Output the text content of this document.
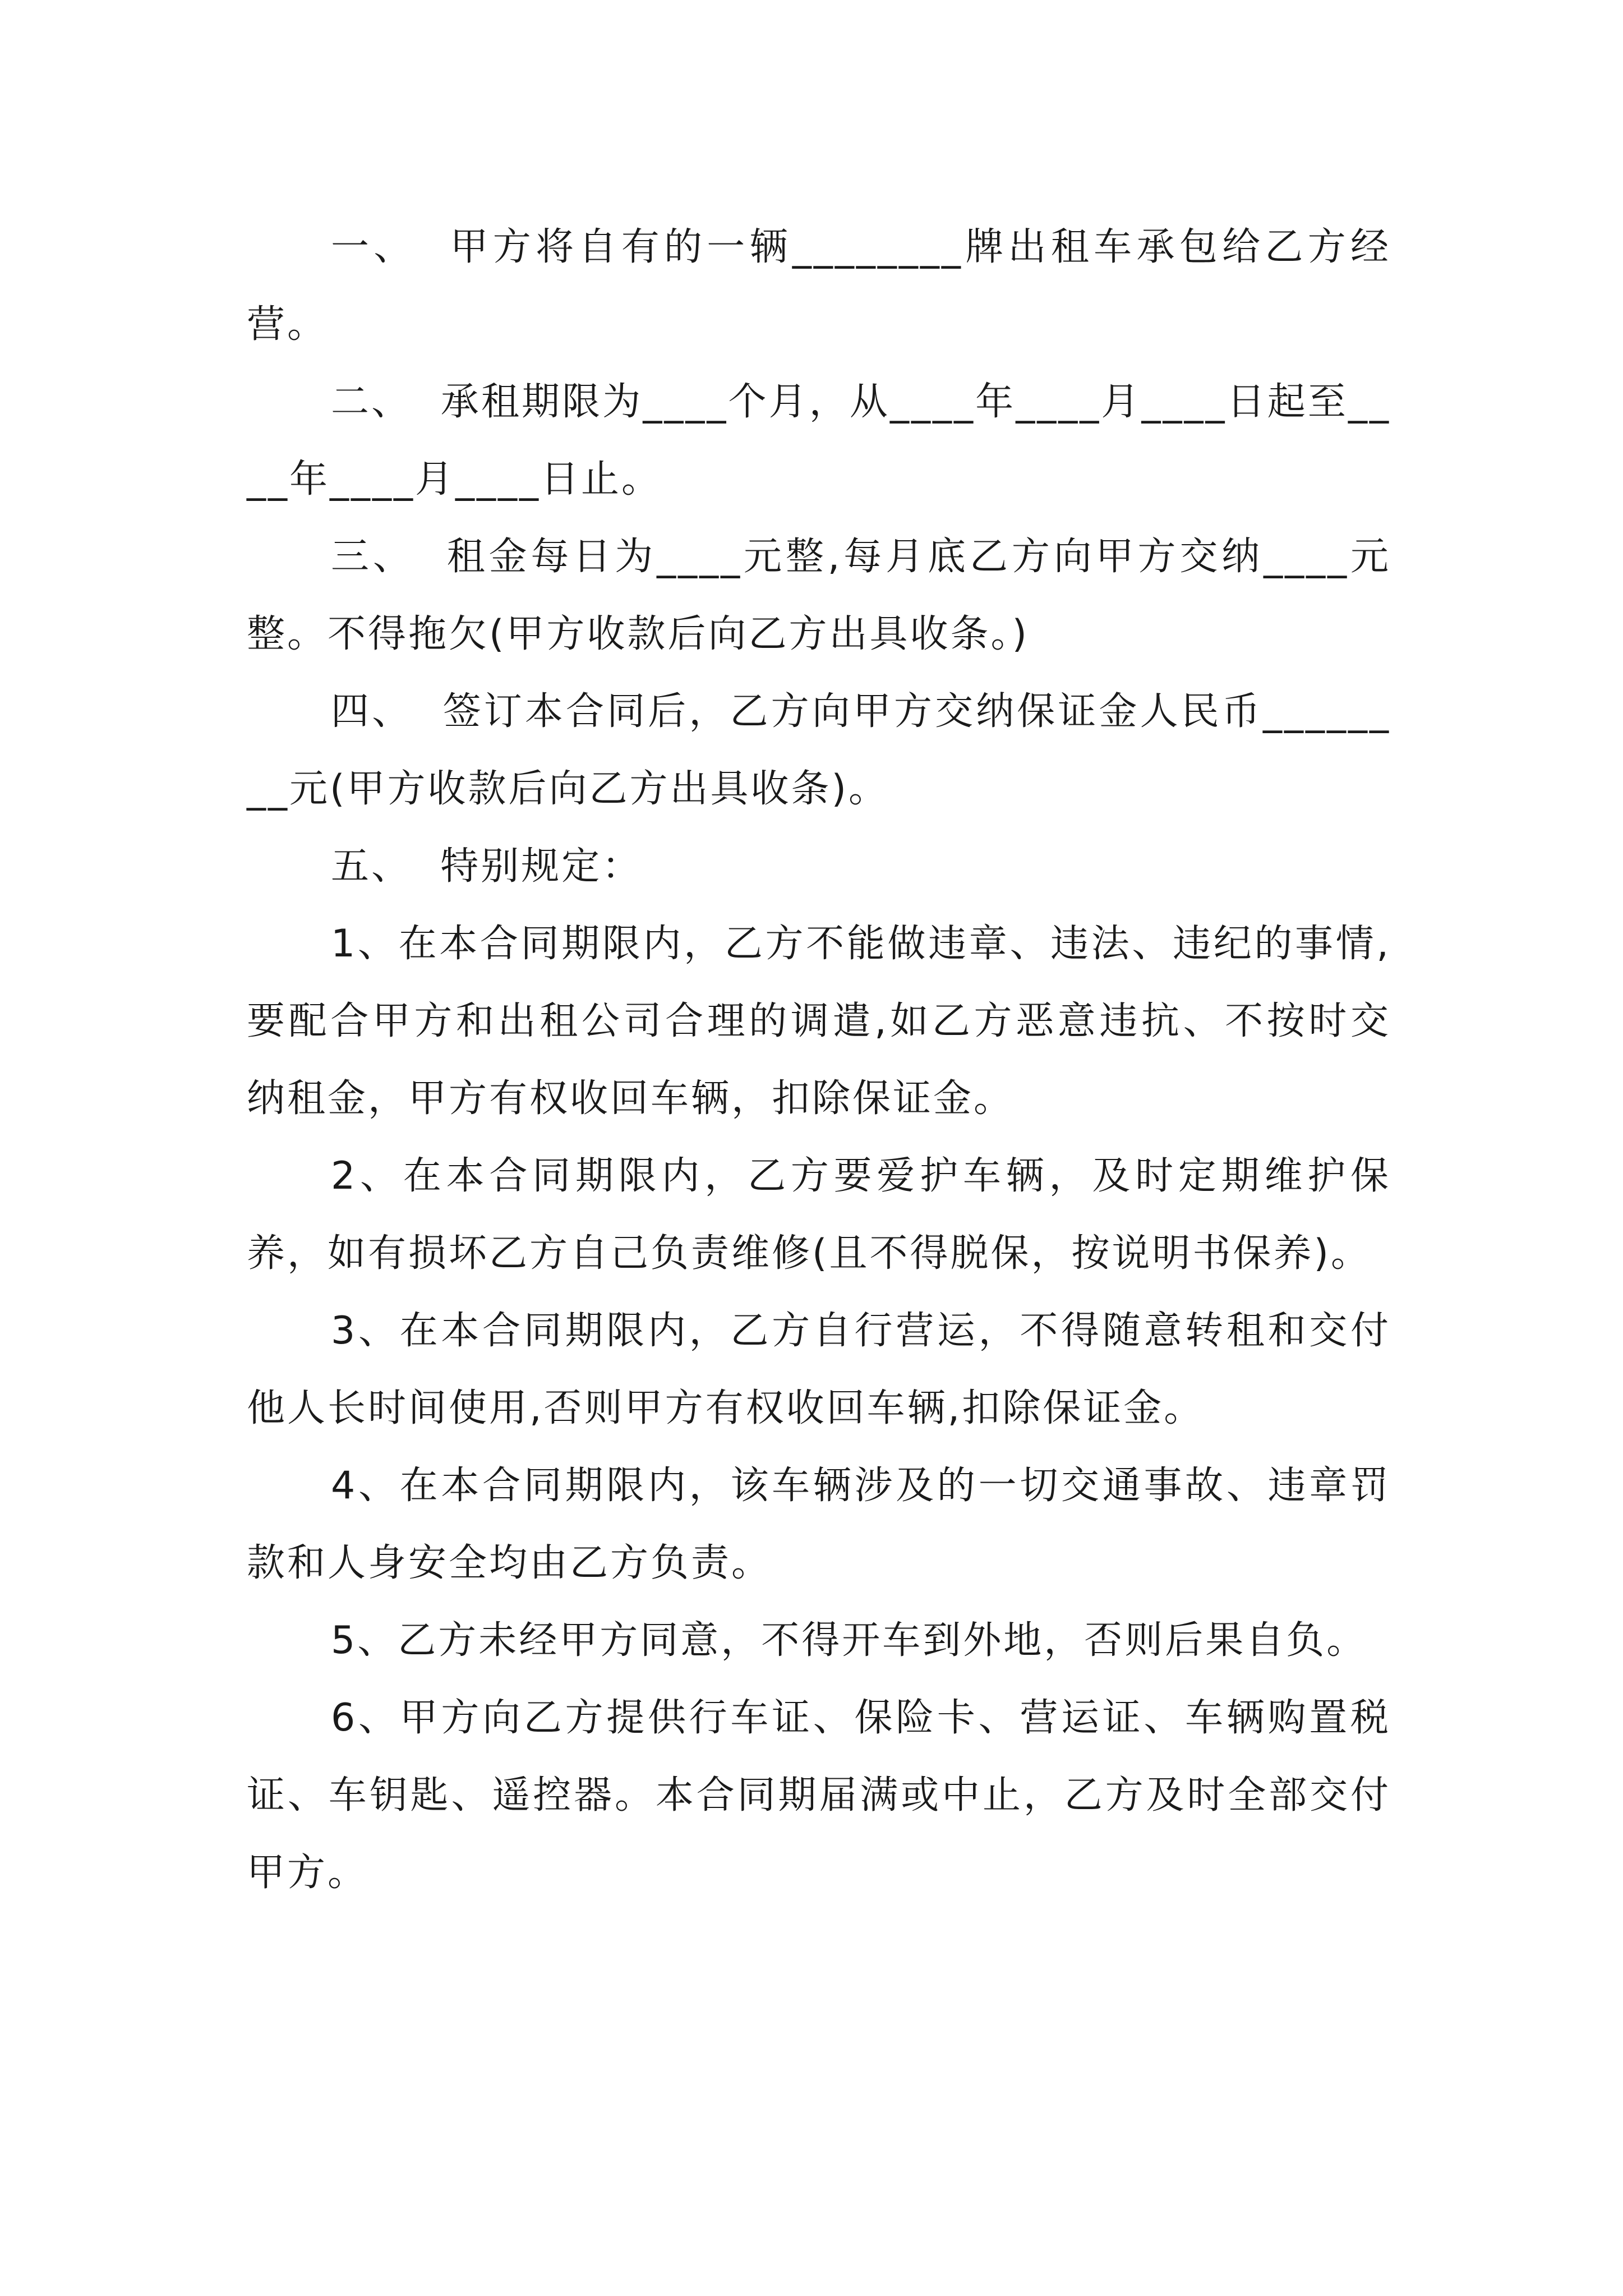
一、  甲方将自有的一辆________牌出租车承包给乙方经营。

二、  承租期限为____个月，从____年____月____日起至____年____月____日止。

三、  租金每日为____元整,每月底乙方向甲方交纳____元整。不得拖欠(甲方收款后向乙方出具收条。)

四、  签订本合同后，乙方向甲方交纳保证金人民币________元(甲方收款后向乙方出具收条)。

五、  特别规定：

1、在本合同期限内，乙方不能做违章、违法、违纪的事情,要配合甲方和出租公司合理的调遣,如乙方恶意违抗、不按时交纳租金，甲方有权收回车辆，扣除保证金。

2、在本合同期限内，乙方要爱护车辆，及时定期维护保养，如有损坏乙方自己负责维修(且不得脱保，按说明书保养)。

3、在本合同期限内，乙方自行营运，不得随意转租和交付他人长时间使用,否则甲方有权收回车辆,扣除保证金。

4、在本合同期限内，该车辆涉及的一切交通事故、违章罚款和人身安全均由乙方负责。

5、乙方未经甲方同意，不得开车到外地，否则后果自负。

6、甲方向乙方提供行车证、保险卡、营运证、车辆购置税证、车钥匙、遥控器。本合同期届满或中止，乙方及时全部交付甲方。
